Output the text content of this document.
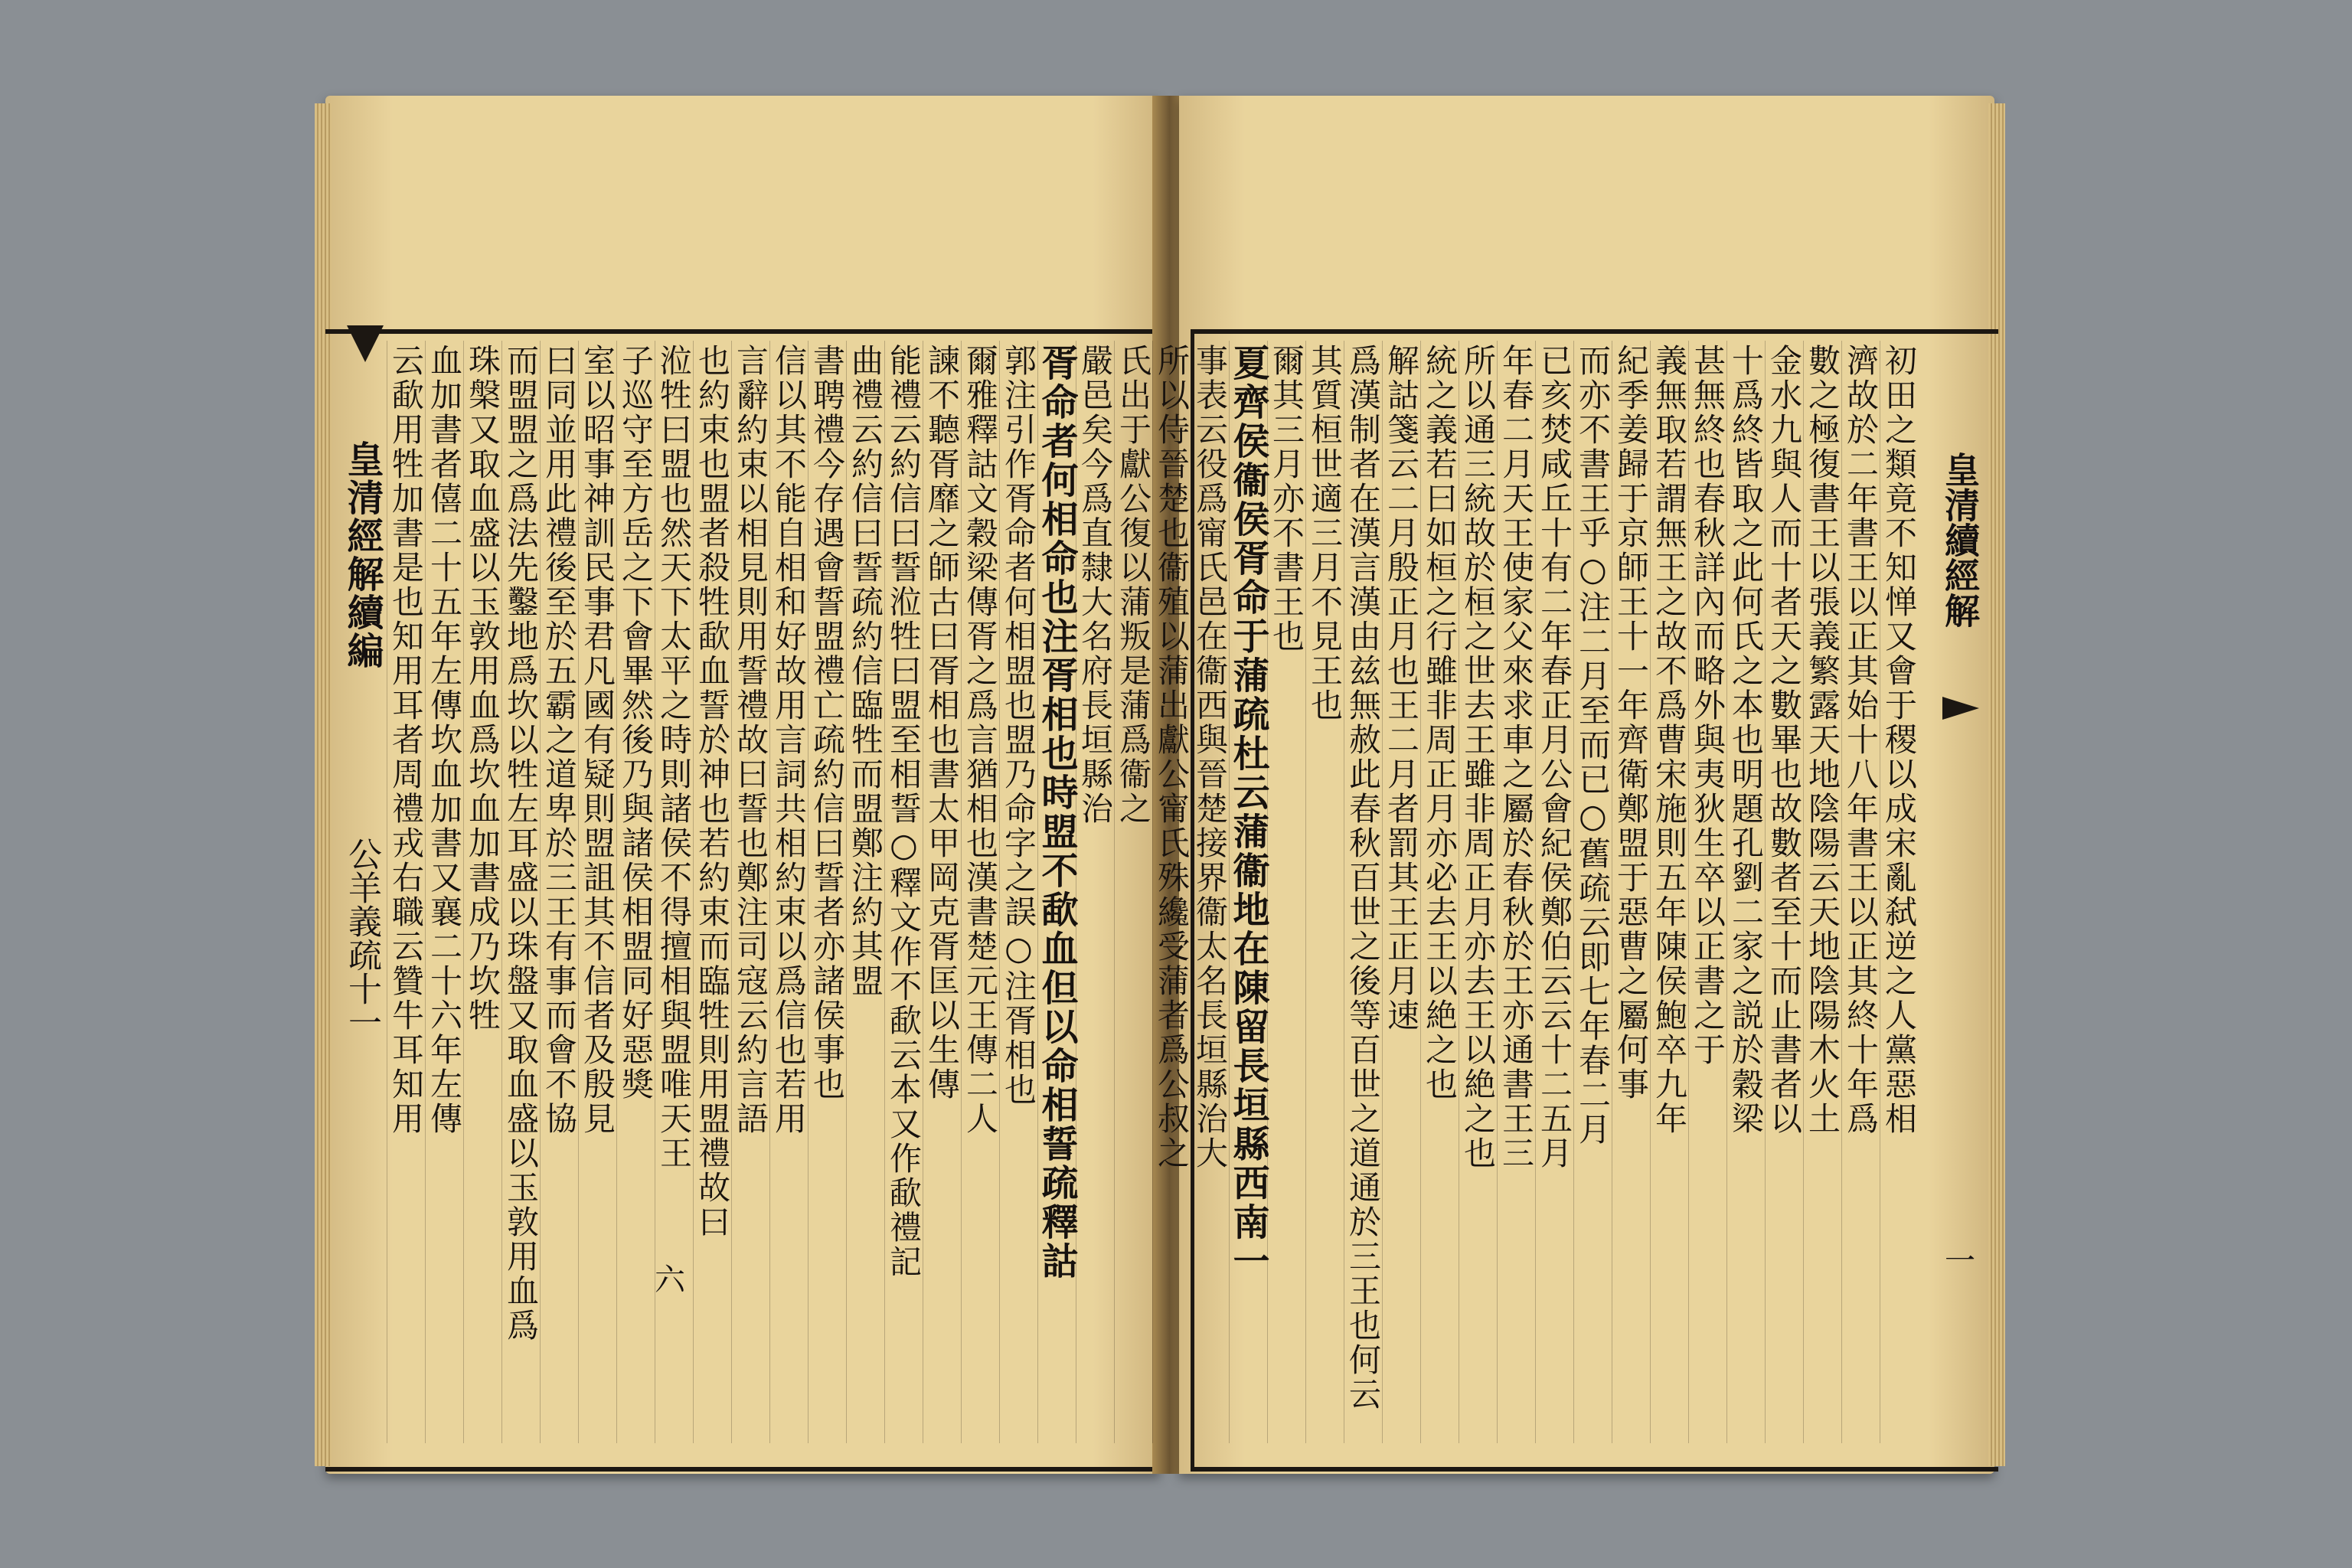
皇清經解續編
公羊義疏十一
六
氏出于獻公復以蒲叛是蒲爲衞之
嚴邑矣今爲直隸大名府長垣縣治
胥命者何相命也注胥相也時盟不歃血但以命相誓疏釋詁
郭注引作胥命者何相盟也盟乃命字之誤○注胥相也
爾雅釋詁文穀梁傳胥之爲言猶相也漢書楚元王傳二人
諫不聽胥靡之師古曰胥相也書太甲岡克胥匡以生傳
能禮云約信曰誓涖牲曰盟至相誓○釋文作不歃云本又作歃禮記
曲禮云約信曰誓疏約信臨牲而盟鄭注約其盟
書聘禮今存遇會誓盟禮亡疏約信曰誓者亦諸侯事也
信以其不能自相和好故用言詞共相約束以爲信也若用
言辭約束以相見則用誓禮故曰誓也鄭注司寇云約言語
也約束也盟者殺牲歃血誓於神也若約束而臨牲則用盟禮故曰
涖牲曰盟也然天下太平之時則諸侯不得擅相與盟唯天王
子巡守至方岳之下會畢然後乃與諸侯相盟同好惡獎
室以昭事神訓民事君凡國有疑則盟詛其不信者及殷見
曰同並用此禮後至於五霸之道卑於三王有事而會不協
而盟盟之爲法先鑿地爲坎以牲左耳盛以珠盤又取血盛以玉敦用血爲
珠槃又取血盛以玉敦用血爲坎血加書成乃坎牲
血加書者僖二十五年左傳坎血加書又襄二十六年左傳
云歃用牲加書是也知用耳者周禮戎右職云贊牛耳知用	初田之類竟不知惮又會于稷以成宋亂弑逆之人黨惡相
濟故於二年書王以正其始十八年書王以正其終十年爲
數之極復書王以張義繁露天地陰陽云天地陰陽木火土
金水九與人而十者天之數畢也故數者至十而止書者以
十爲終皆取之此何氏之本也明題孔劉二家之説於穀梁
甚無終也春秋詳內而略外與夷狄生卒以正書之于
義無取若謂無王之故不爲曹宋施則五年陳侯鮑卒九年
紀季姜歸于京師王十一年齊衛鄭盟于惡曹之屬何事
而亦不書王乎○注二月至而已○舊疏云即七年春二月
已亥焚咸丘十有二年春正月公會紀侯鄭伯云云十二五月
年春二月天王使家父來求車之屬於春秋於王亦通書王三
所以通三統故於桓之世去王雖非周正月亦去王以絶之也
統之義若曰如桓之行雖非周正月亦必去王以絶之也
解詁箋云二月殷正月也王二月者罰其王正月速
爲漢制者在漢言漢由兹無赦此春秋百世之後等百世之道通於三王也何云
其質桓世適三月不見王也
爾其三月亦不書王也
夏齊侯衞侯胥命于蒲疏杜云蒲衞地在陳留長垣縣西南一
事表云役爲甯氏邑在衞西與晉楚接界衞太名長垣縣治大
所以侍晉楚也衞殖以蒲出獻公甯氏殊纔受蒲者爲公叔之	皇清續經解
一
